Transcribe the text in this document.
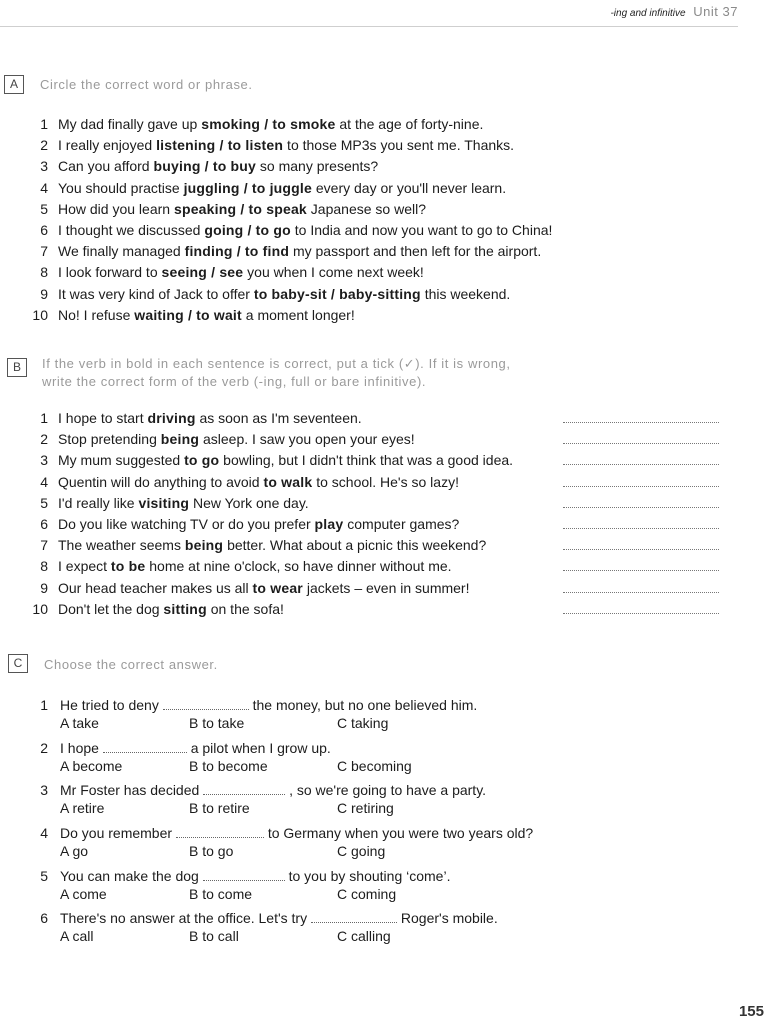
-ing and infinitive Unit 37
A	Circle the correct word or phrase.
1 My dad finally gave up smoking / to smoke at the age of forty-nine.
2 I really enjoyed listening / to listen to those MP3s you sent me. Thanks.
3 Can you afford buying / to buy so many presents?
4 You should practise juggling / to juggle every day or you'll never learn.
5 How did you learn speaking / to speak Japanese so well?
6 I thought we discussed going / to go to India and now you want to go to China!
7 We finally managed finding / to find my passport and then left for the airport.
8 I look forward to seeing / see you when I come next week!
9 It was very kind of Jack to offer to baby-sit / baby-sitting this weekend.
10 No! I refuse waiting / to wait a moment longer!
B	If the verb in bold in each sentence is correct, put a tick (✓). If it is wrong,
write the correct form of the verb (-ing, full or bare infinitive).
1 I hope to start driving as soon as I'm seventeen.
2 Stop pretending being asleep. I saw you open your eyes!
3 My mum suggested to go bowling, but I didn't think that was a good idea.
4 Quentin will do anything to avoid to walk to school. He's so lazy!
5 I'd really like visiting New York one day.
6 Do you like watching TV or do you prefer play computer games?
7 The weather seems being better. What about a picnic this weekend?
8 I expect to be home at nine o'clock, so have dinner without me.
9 Our head teacher makes us all to wear jackets – even in summer!
10 Don't let the dog sitting on the sofa!
C	Choose the correct answer.
1 He tried to deny	the money, but no one believed him.
A take	B to take	C taking
2 I hope	a pilot when I grow up.
A become	B to become	C becoming
3 Mr Foster has decided	, so we're going to have a party.
A retire	B to retire	C retiring
4 Do you remember	to Germany when you were two years old?
A go	B to go	C going
5 You can make the dog	to you by shouting ‘come’.
A come	B to come	C coming
6 There's no answer at the office. Let's try	Roger's mobile.
A call	B to call	C calling
155
